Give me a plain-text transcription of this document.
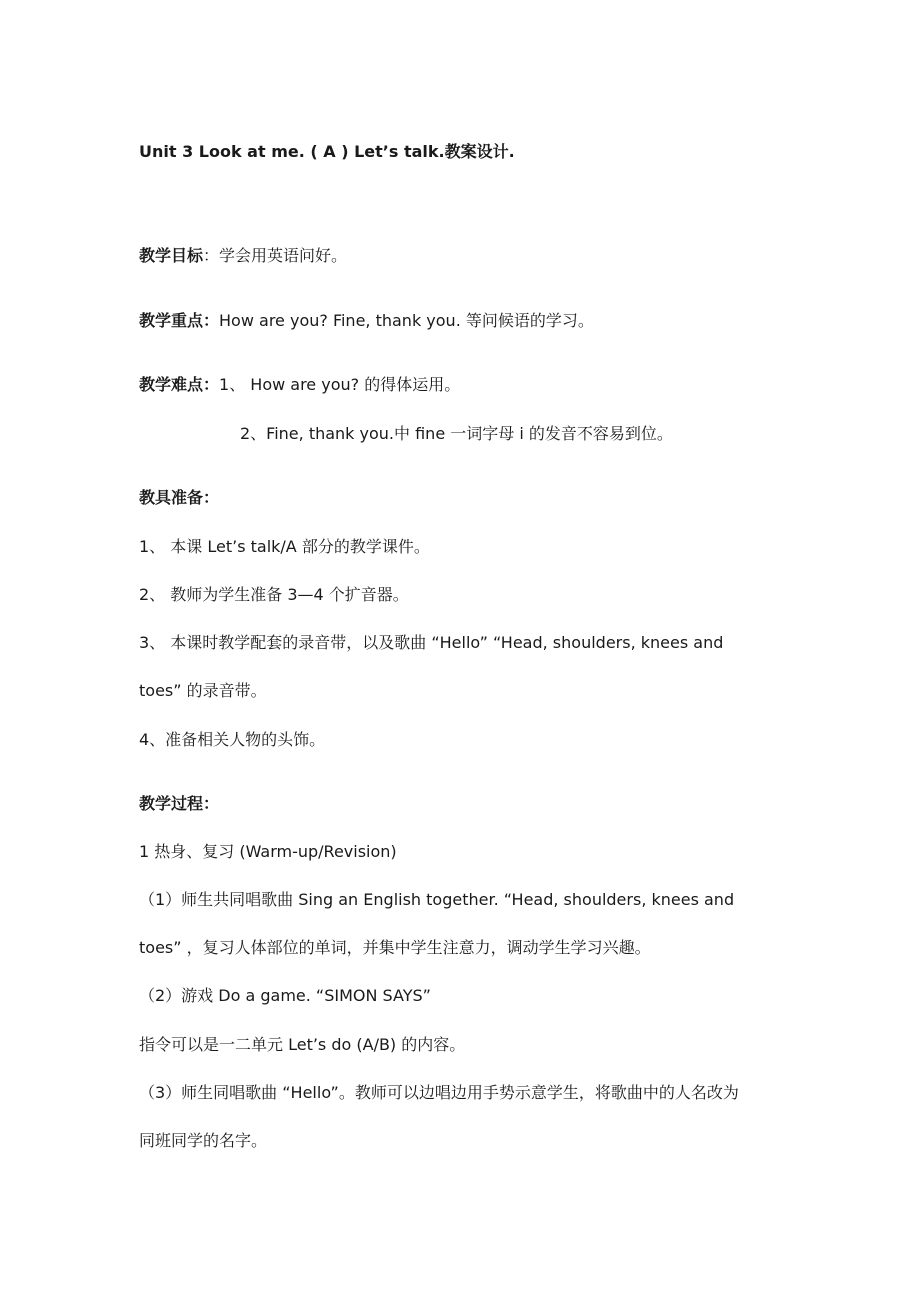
Unit 3 Look at me. ( A ) Let’s talk.教案设计.

教学目标：学会用英语问好。

教学重点：How are you? Fine, thank you. 等问候语的学习。

教学难点：1、 How are you? 的得体运用。

2、Fine, thank you.中 fine 一词字母 i 的发音不容易到位。

教具准备：

1、 本课 Let’s talk/A 部分的教学课件。

2、 教师为学生准备 3—4 个扩音器。

3、 本课时教学配套的录音带，以及歌曲 “Hello” “Head, shoulders, knees and

toes” 的录音带。

4、准备相关人物的头饰。

教学过程：

1 热身、复习 (Warm-up/Revision)

（1）师生共同唱歌曲 Sing an English together. “Head, shoulders, knees and

toes” ，复习人体部位的单词，并集中学生注意力，调动学生学习兴趣。

（2）游戏 Do a game. “SIMON SAYS”

指令可以是一二单元 Let’s do (A/B) 的内容。

（3）师生同唱歌曲 “Hello”。教师可以边唱边用手势示意学生，将歌曲中的人名改为

同班同学的名字。
